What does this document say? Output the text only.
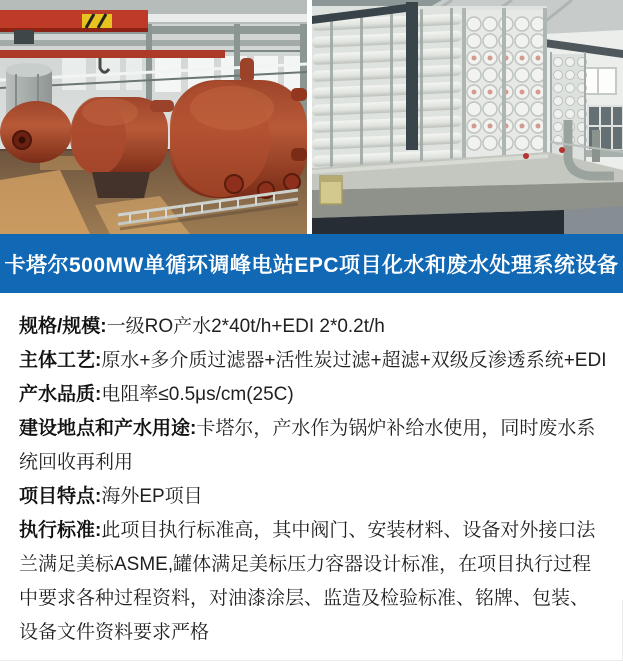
卡塔尔500MW单循环调峰电站EPC项目化水和废水处理系统设备
规格/规模:一级RO产水2*40t/h+EDI 2*0.2t/h
主体工艺:原水+多介质过滤器+活性炭过滤+超滤+双级反渗透系统+EDI
产水品质:电阻率≤0.5μs/cm(25C)
建设地点和产水用途:卡塔尔，产水作为锅炉补给水使用，同时废水系统回收再利用
项目特点:海外EP项目
执行标准:此项目执行标准高，其中阀门、安装材料、设备对外接口法兰满足美标ASME,罐体满足美标压力容器设计标准，在项目执行过程中要求各种过程资料，对油漆涂层、监造及检验标准、铭牌、包装、设备文件资料要求严格
